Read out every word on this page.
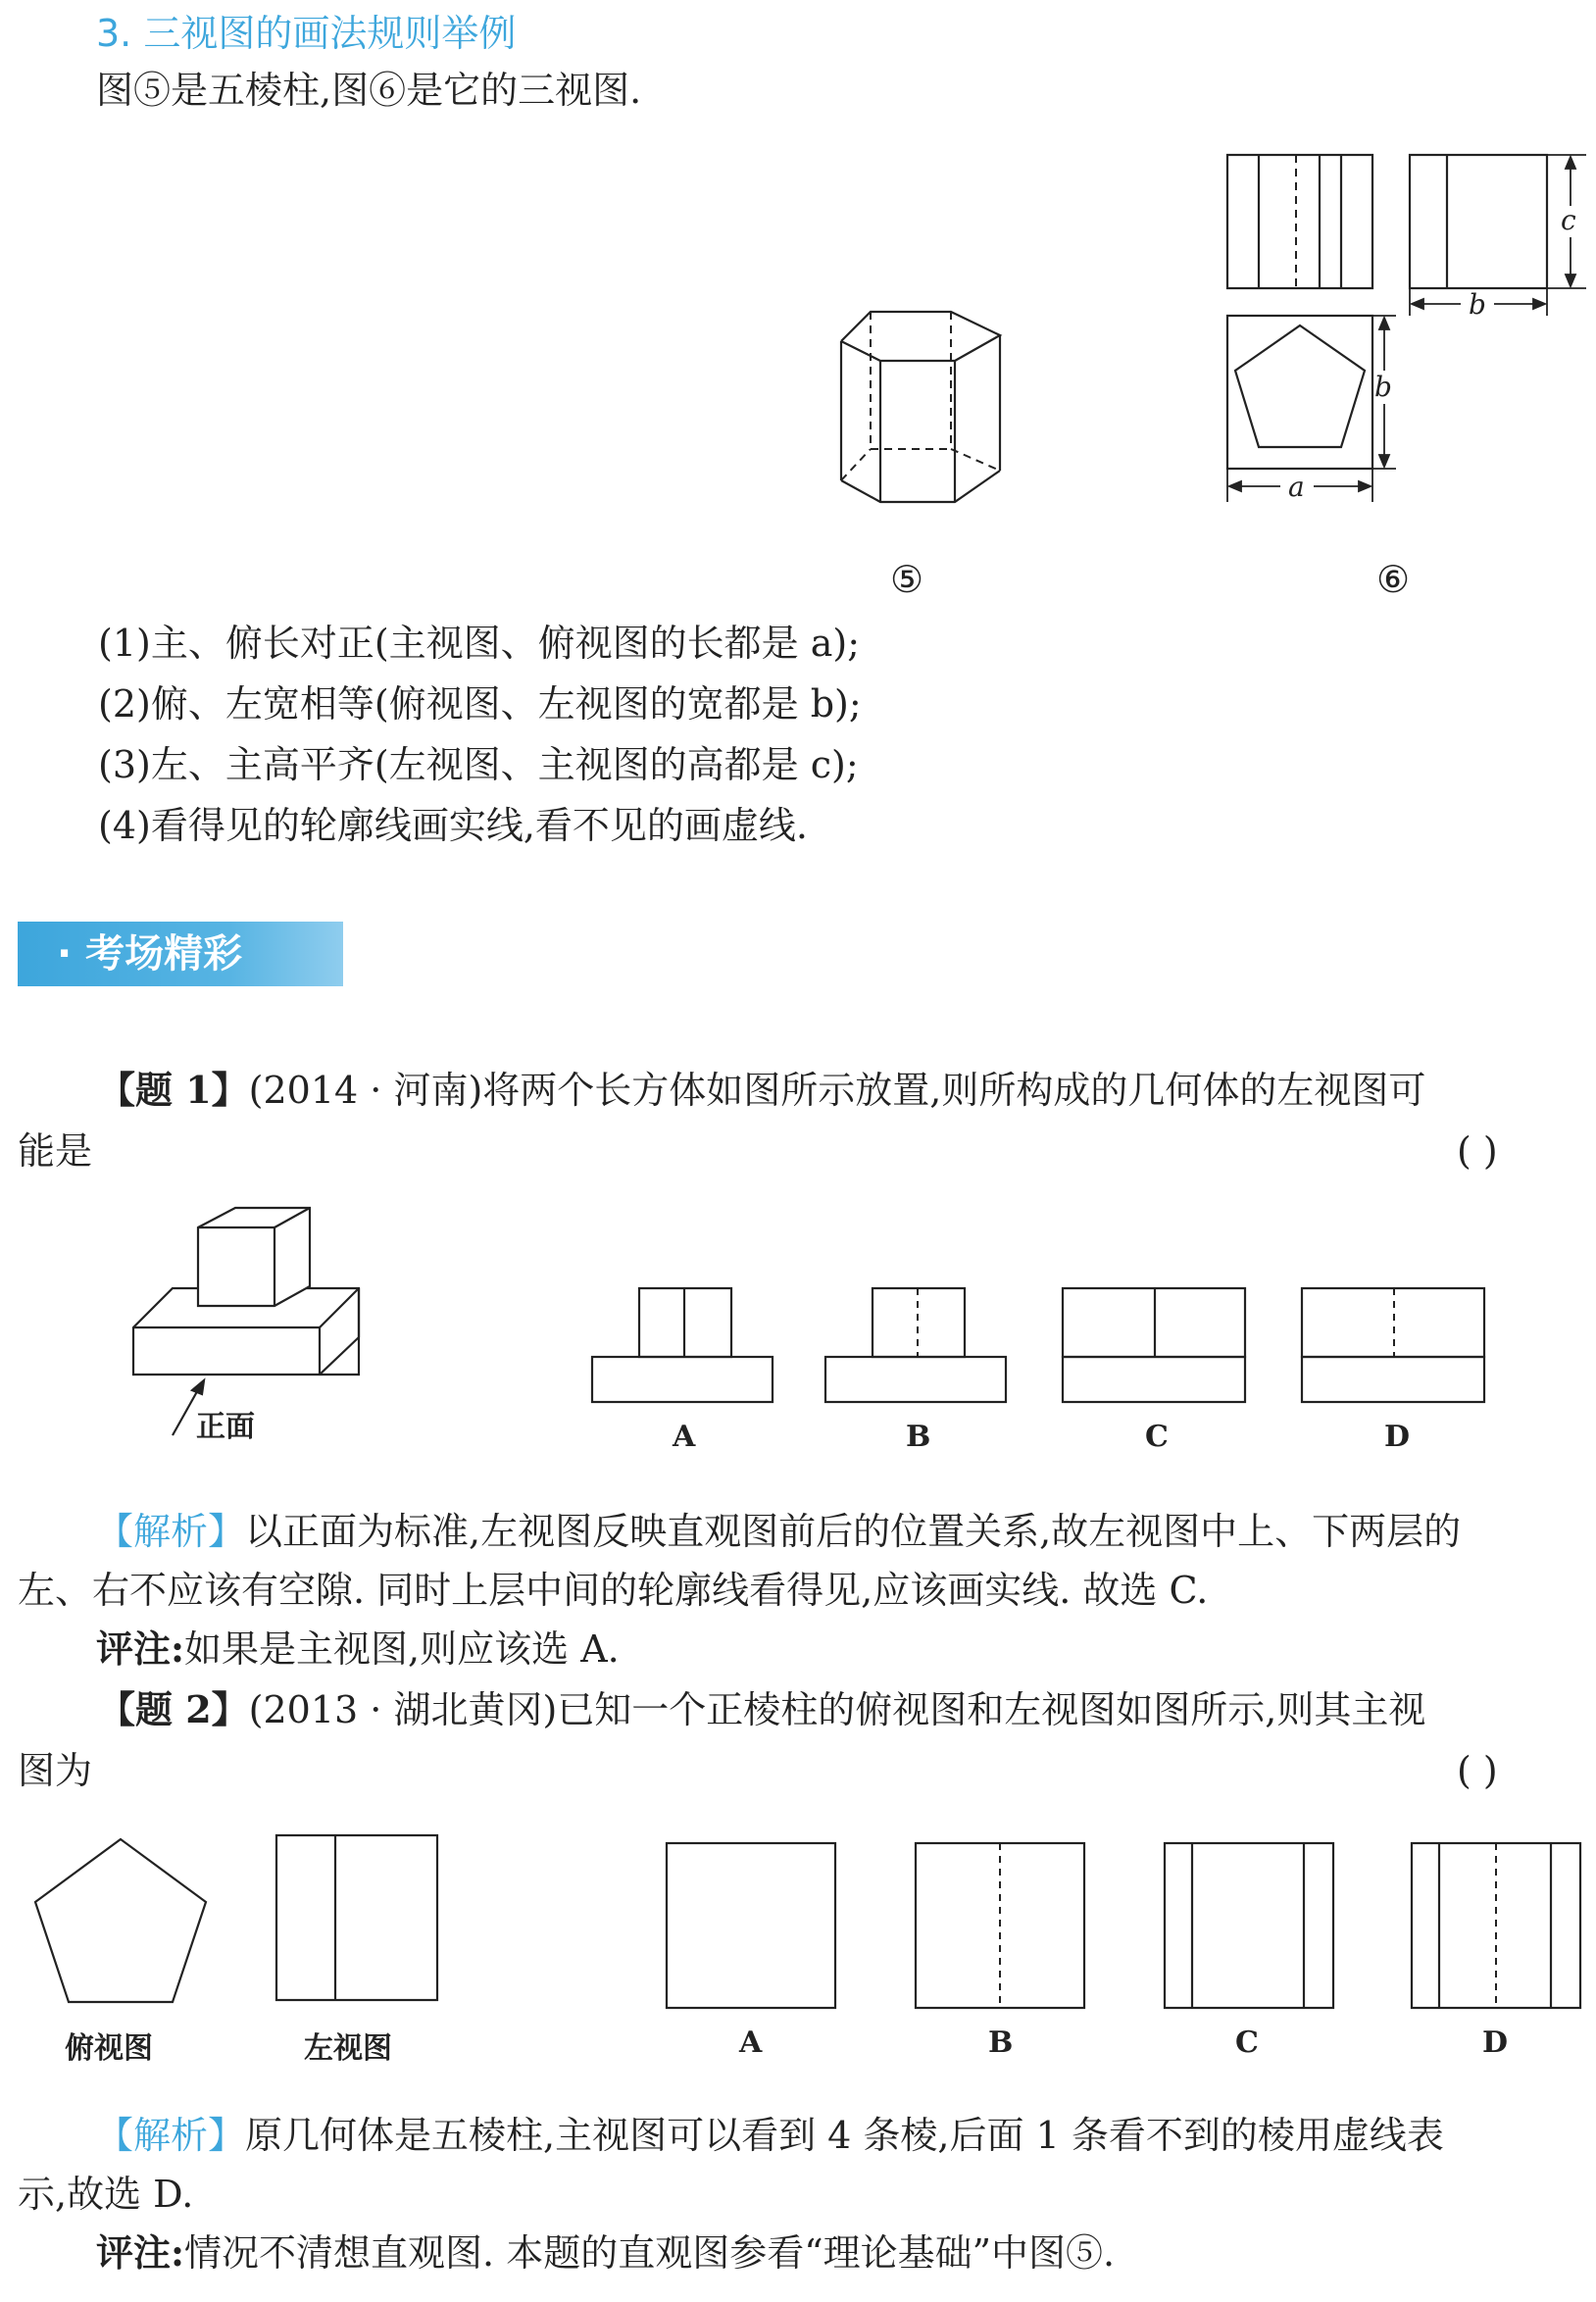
3. 三视图的画法规则举例
图⑤是五棱柱,图⑥是它的三视图.
⑤
c
b
b
a
⑥
(1)主、俯长对正(主视图、俯视图的长都是 a);
(2)俯、左宽相等(俯视图、左视图的宽都是 b);
(3)左、主高平齐(左视图、主视图的高都是 c);
(4)看得见的轮廓线画实线,看不见的画虚线.
· 考场精彩
【题 1】(2014 · 河南)将两个长方体如图所示放置,则所构成的几何体的左视图可
能是	( )
正面	A	B	C	D
【解析】以正面为标准,左视图反映直观图前后的位置关系,故左视图中上、下两层的
左、右不应该有空隙. 同时上层中间的轮廓线看得见,应该画实线. 故选 C.
评注:如果是主视图,则应该选 A.
【题 2】(2013 · 湖北黄冈)已知一个正棱柱的俯视图和左视图如图所示,则其主视
图为	( )
俯视图	左视图	A	B	C	D
【解析】原几何体是五棱柱,主视图可以看到 4 条棱,后面 1 条看不到的棱用虚线表
示,故选 D.
评注:情况不清想直观图. 本题的直观图参看“理论基础”中图⑤.
